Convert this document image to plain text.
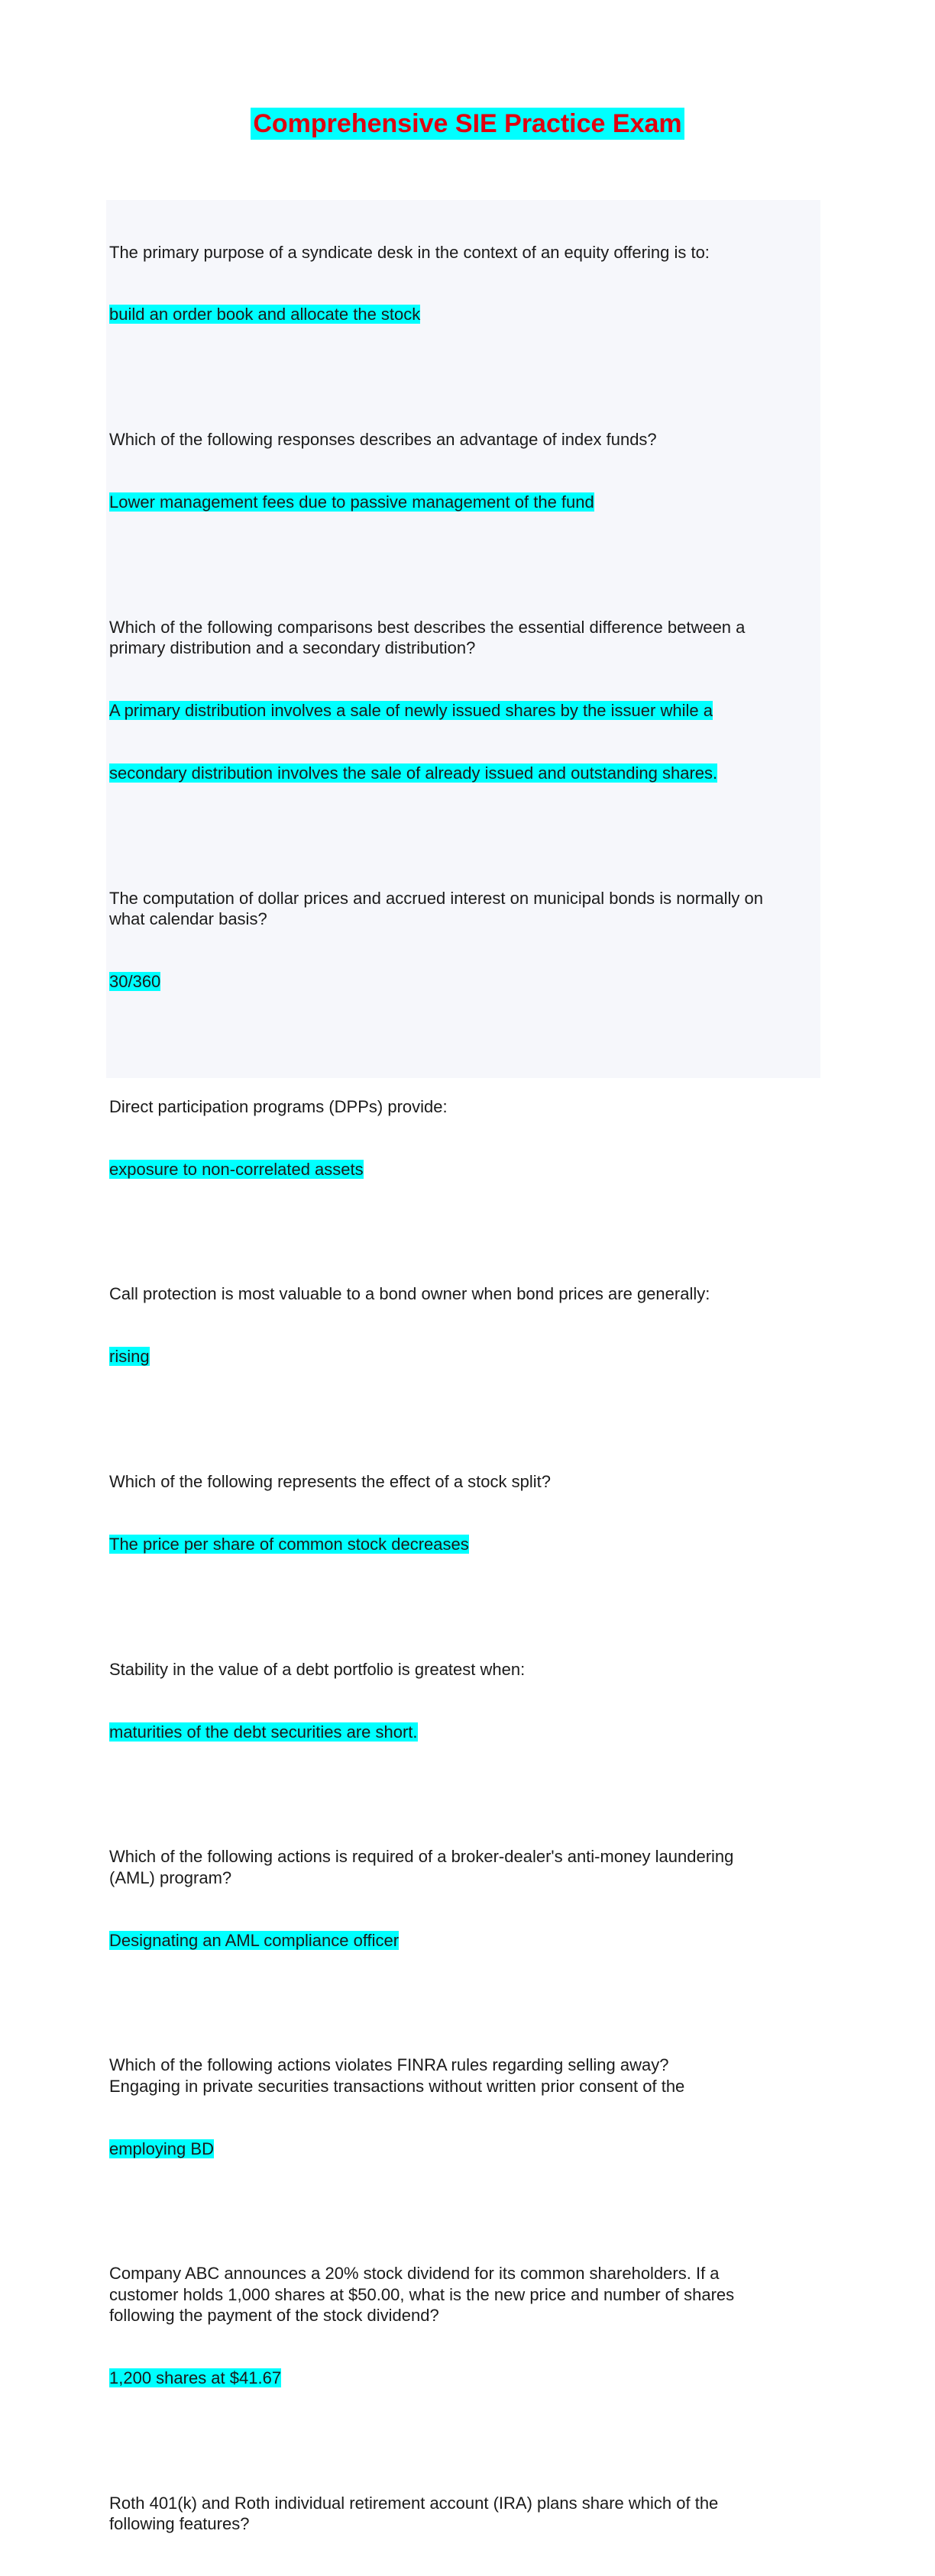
Comprehensive SIE Practice Exam

The primary purpose of a syndicate desk in the context of an equity offering is to:

build an order book and allocate the stock

Which of the following responses describes an advantage of index funds?

Lower management fees due to passive management of the fund

Which of the following comparisons best describes the essential difference between a
primary distribution and a secondary distribution?

A primary distribution involves a sale of newly issued shares by the issuer while a

secondary distribution involves the sale of already issued and outstanding shares.

The computation of dollar prices and accrued interest on municipal bonds is normally on
what calendar basis?

30/360

Direct participation programs (DPPs) provide:

exposure to non-correlated assets

Call protection is most valuable to a bond owner when bond prices are generally:

rising

Which of the following represents the effect of a stock split?

The price per share of common stock decreases

Stability in the value of a debt portfolio is greatest when:

maturities of the debt securities are short.

Which of the following actions is required of a broker-dealer's anti-money laundering
(AML) program?

Designating an AML compliance officer

Which of the following actions violates FINRA rules regarding selling away?
Engaging in private securities transactions without written prior consent of the

employing BD

Company ABC announces a 20% stock dividend for its common shareholders. If a
customer holds 1,000 shares at $50.00, what is the new price and number of shares
following the payment of the stock dividend?

1,200 shares at $41.67

Roth 401(k) and Roth individual retirement account (IRA) plans share which of the
following features?
